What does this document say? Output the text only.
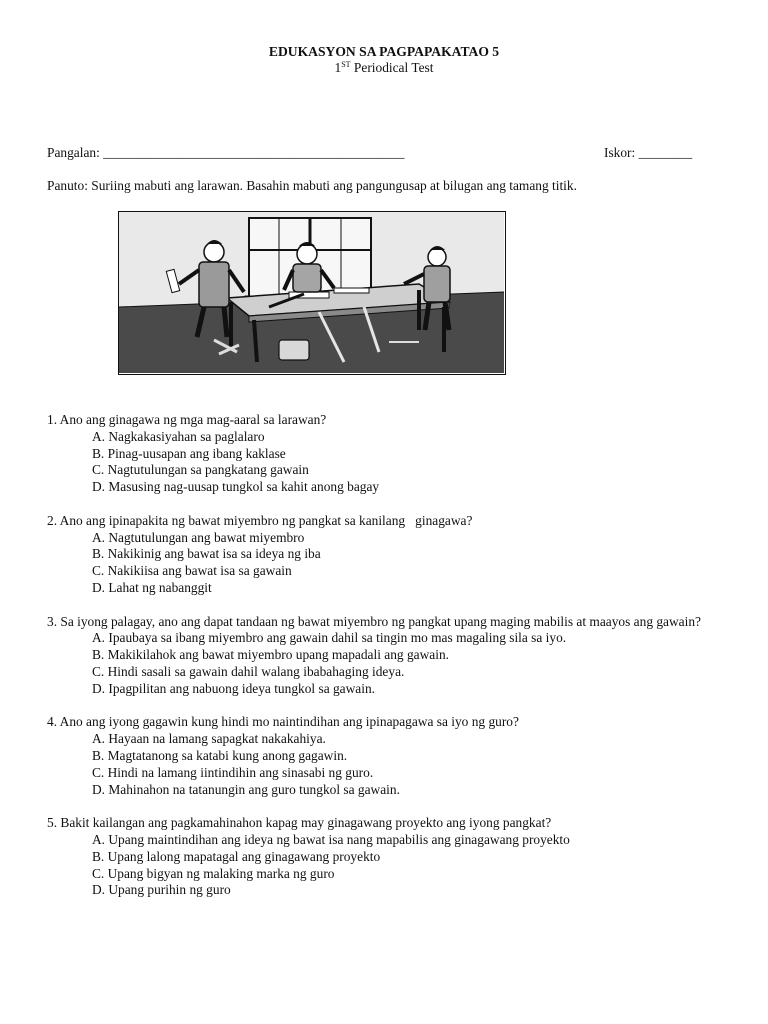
EDUKASYON SA PAGPAPAKATAO 5
1ST Periodical Test
Pangalan: _____________________________________________	Iskor: ________
Panuto: Suriing mabuti ang larawan. Basahin mabuti ang pangungusap at bilugan ang tamang titik.
1. Ano ang ginagawa ng mga mag-aaral sa larawan?
A. Nagkakasiyahan sa paglalaro
B. Pinag-uusapan ang ibang kaklase
C. Nagtutulungan sa pangkatang gawain
D. Masusing nag-uusap tungkol sa kahit anong bagay
2. Ano ang ipinapakita ng bawat miyembro ng pangkat sa kanilang   ginagawa?
A. Nagtutulungan ang bawat miyembro
B. Nakikinig ang bawat isa sa ideya ng iba
C. Nakikiisa ang bawat isa sa gawain
D. Lahat ng nabanggit
3. Sa iyong palagay, ano ang dapat tandaan ng bawat miyembro ng pangkat upang maging mabilis at maayos ang gawain?
A. Ipaubaya sa ibang miyembro ang gawain dahil sa tingin mo mas magaling sila sa iyo.
B. Makikilahok ang bawat miyembro upang mapadali ang gawain.
C. Hindi sasali sa gawain dahil walang ibabahaging ideya.
D. Ipagpilitan ang nabuong ideya tungkol sa gawain.
4. Ano ang iyong gagawin kung hindi mo naintindihan ang ipinapagawa sa iyo ng guro?
A. Hayaan na lamang sapagkat nakakahiya.
B. Magtatanong sa katabi kung anong gagawin.
C. Hindi na lamang iintindihin ang sinasabi ng guro.
D. Mahinahon na tatanungin ang guro tungkol sa gawain.
5. Bakit kailangan ang pagkamahinahon kapag may ginagawang proyekto ang iyong pangkat?
A. Upang maintindihan ang ideya ng bawat isa nang mapabilis ang ginagawang proyekto
B. Upang lalong mapatagal ang ginagawang proyekto
C. Upang bigyan ng malaking marka ng guro
D. Upang purihin ng guro
